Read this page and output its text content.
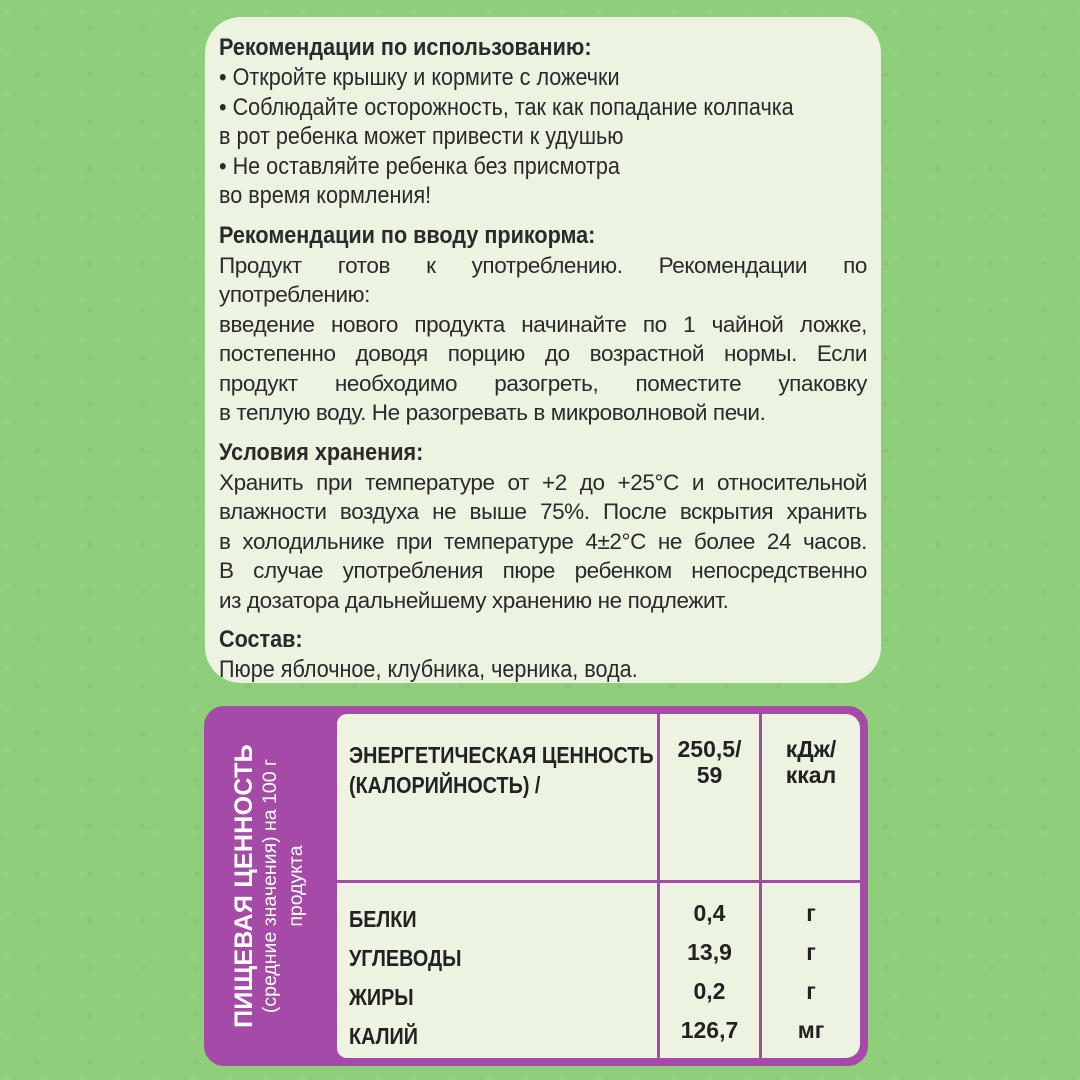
Рекомендации по использованию:

• Откройте крышку и кормите с ложечки

• Соблюдайте осторожность, так как попадание колпачка

в рот ребенка может привести к удушью

• Не оставляйте ребенка без присмотра

во время кормления!

Рекомендации по вводу прикорма:

Продукт готов к употреблению. Рекомендации по употреблению:

введение нового продукта начинайте по 1 чайной ложке,

постепенно доводя порцию до возрастной нормы. Если

продукт необходимо разогреть, поместите упаковку

в теплую воду. Не разогревать в микроволновой печи.

Условия хранения:

Хранить при температуре от +2 до +25°C и относительной

влажности воздуха не выше 75%. После вскрытия хранить

в холодильнике при температуре 4±2°C не более 24 часов.

В случае употребления пюре ребенком непосредственно

из дозатора дальнейшему хранению не подлежит.

Состав:

Пюре яблочное, клубника, черника, вода.

ПИЩЕВАЯ ЦЕННОСТЬ (средние значения) на 100 г продукта
ЭНЕРГЕТИЧЕСКАЯ ЦЕННОСТЬ
(КАЛОРИЙНОСТЬ) /
250,5/
59
кДж/
ккал
БЕЛКИ
УГЛЕВОДЫ
ЖИРЫ
КАЛИЙ
0,4
13,9
0,2
126,7
г
г
г
мг
